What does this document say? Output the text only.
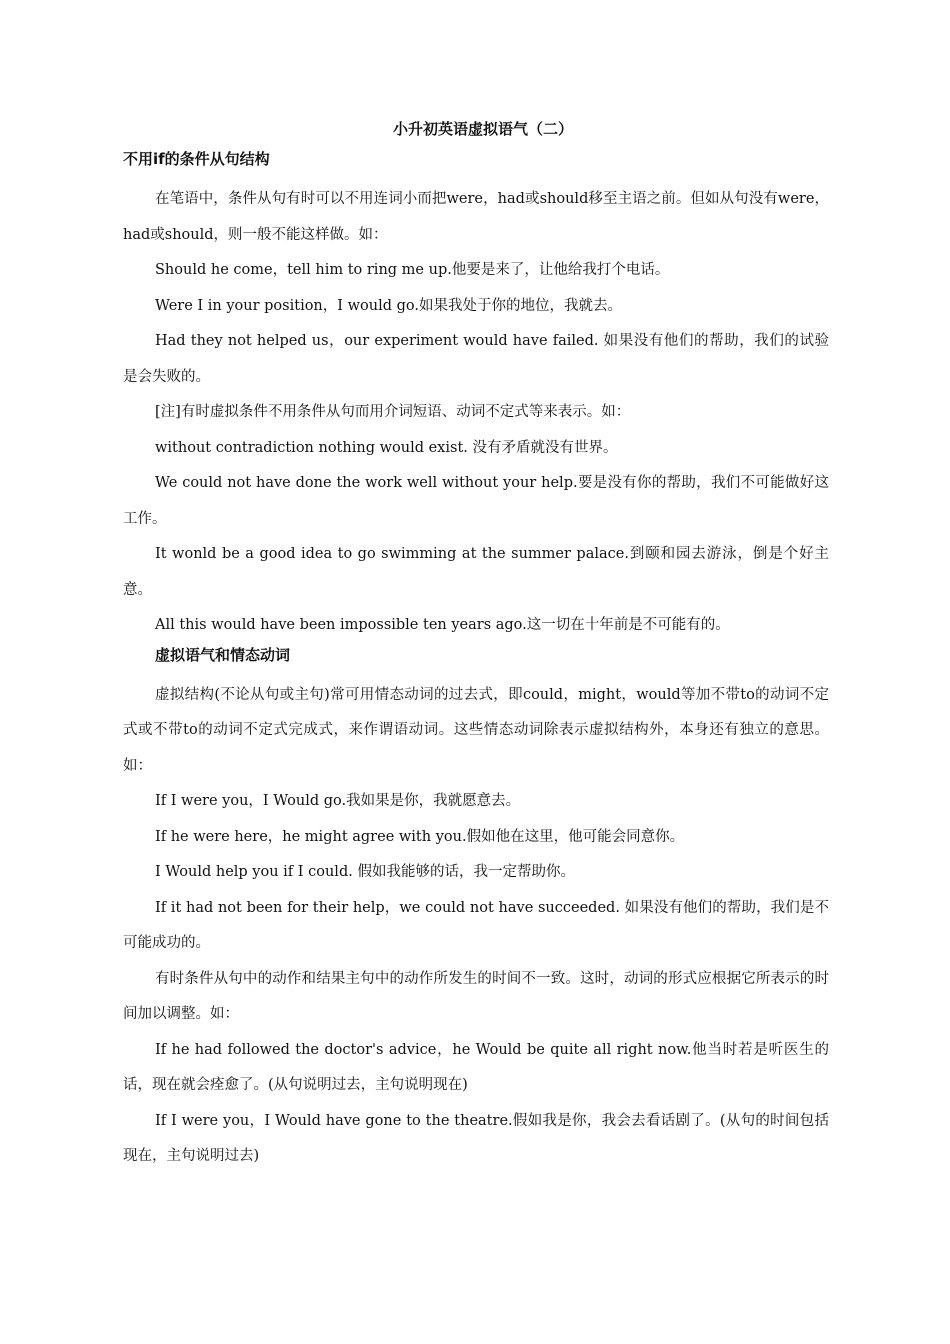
小升初英语虚拟语气（二）
不用if的条件从句结构

在笔语中，条件从句有时可以不用连词小而把were，had或should移至主语之前。但如从句没有were，had或should，则一般不能这样做。如：

Should he come，tell him to ring me up.他要是来了，让他给我打个电话。

Were I in your position，I would go.如果我处于你的地位，我就去。

Had they not helped us，our experiment would have failed. 如果没有他们的帮助，我们的试验是会失败的。

[注]有时虚拟条件不用条件从句而用介词短语、动词不定式等来表示。如：

without contradiction nothing would exist. 没有矛盾就没有世界。

We could not have done the work well without your help.要是没有你的帮助，我们不可能做好这工作。

It wonld be a good idea to go swimming at the summer palace.到颐和园去游泳，倒是个好主意。

All this would have been impossible ten years ago.这一切在十年前是不可能有的。

虚拟语气和情态动词

虚拟结构(不论从句或主句)常可用情态动词的过去式，即could，might，would等加不带to的动词不定式或不带to的动词不定式完成式，来作谓语动词。这些情态动词除表示虚拟结构外，本身还有独立的意思。如：

If I were you，I Would go.我如果是你，我就愿意去。

If he were here，he might agree with you.假如他在这里，他可能会同意你。

I Would help you if I could. 假如我能够的话，我一定帮助你。

If it had not been for their help，we could not have succeeded. 如果没有他们的帮助，我们是不可能成功的。

有时条件从句中的动作和结果主句中的动作所发生的时间不一致。这时，动词的形式应根据它所表示的时间加以调整。如：

If he had followed the doctor's advice，he Would be quite all right now.他当时若是听医生的话，现在就会痊愈了。(从句说明过去，主句说明现在)

If I were you，I Would have gone to the theatre.假如我是你，我会去看话剧了。(从句的时间包括现在，主句说明过去)
